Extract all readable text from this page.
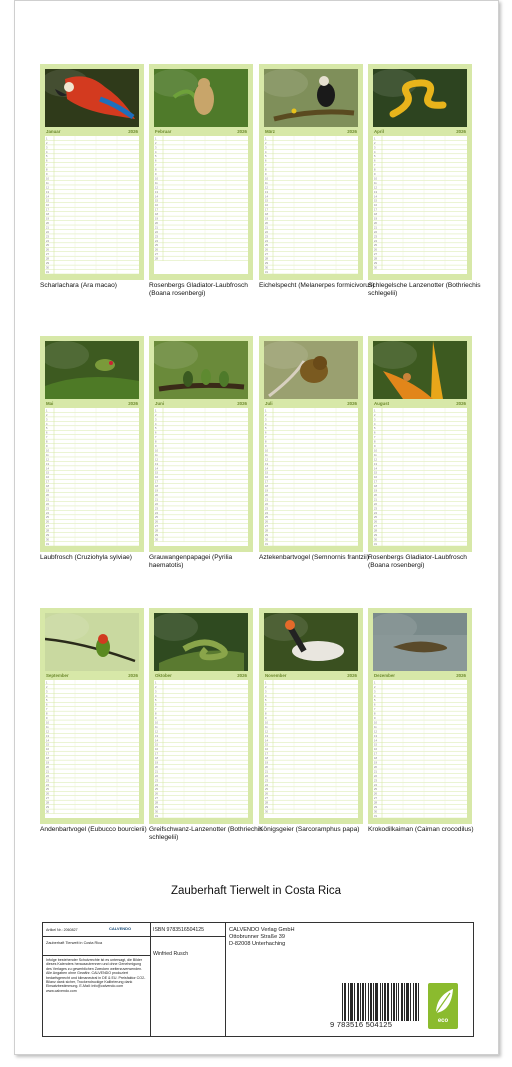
Januar	2026
1
2
3
4
5
6
7
8
9
10
11
12
13
14
15
16
17
18
19
20
21
22
23
24
25
26
27
28
29
30
31
Scharlachara (Ara macao)
Februar	2026
1
2
3
4
5
6
7
8
9
10
11
12
13
14
15
16
17
18
19
20
21
22
23
24
25
26
27
28
Rosenbergs Gladiator-Laubfrosch (Boana rosenbergi)
März	2026
1
2
3
4
5
6
7
8
9
10
11
12
13
14
15
16
17
18
19
20
21
22
23
24
25
26
27
28
29
30
31
Eichelspecht (Melanerpes formicivorus)
April	2026
1
2
3
4
5
6
7
8
9
10
11
12
13
14
15
16
17
18
19
20
21
22
23
24
25
26
27
28
29
30
Schlegelsche Lanzenotter (Bothriechis schlegelii)
Mai	2026
1
2
3
4
5
6
7
8
9
10
11
12
13
14
15
16
17
18
19
20
21
22
23
24
25
26
27
28
29
30
31
Laubfrosch (Cruziohyla sylviae)
Juni	2026
1
2
3
4
5
6
7
8
9
10
11
12
13
14
15
16
17
18
19
20
21
22
23
24
25
26
27
28
29
30
Grauwangenpapagei (Pyrilia haematotis)
Juli	2026
1
2
3
4
5
6
7
8
9
10
11
12
13
14
15
16
17
18
19
20
21
22
23
24
25
26
27
28
29
30
31
Aztekenbartvogel (Semnornis frantzii)
August	2026
1
2
3
4
5
6
7
8
9
10
11
12
13
14
15
16
17
18
19
20
21
22
23
24
25
26
27
28
29
30
31
Rosenbergs Gladiator-Laubfrosch (Boana rosenbergi)
September	2026
1
2
3
4
5
6
7
8
9
10
11
12
13
14
15
16
17
18
19
20
21
22
23
24
25
26
27
28
29
30
Andenbartvogel (Eubucco bourcierii)
Oktober	2026
1
2
3
4
5
6
7
8
9
10
11
12
13
14
15
16
17
18
19
20
21
22
23
24
25
26
27
28
29
30
31
Greifschwanz-Lanzenotter (Bothriechis schlegelii)
November	2026
1
2
3
4
5
6
7
8
9
10
11
12
13
14
15
16
17
18
19
20
21
22
23
24
25
26
27
28
29
30
Königsgeier (Sarcoramphus papa)
Dezember	2026
1
2
3
4
5
6
7
8
9
10
11
12
13
14
15
16
17
18
19
20
21
22
23
24
25
26
27
28
29
30
31
Krokodilkaiman (Caiman crocodilus)
Zauberhaft Tierwelt in Costa Rica
Artikel Nr.: 2060827	CALVENDO
Zauberhaft Tierwelt in Costa Rica
Infolge bestehender Schutzrechte ist es untersagt, die Bilder dieses Kalenders herauszutrennen und ohne Genehmigung des Verlages zu gewerblichen Zwecken weiterzuverwenden. Alle Angaben ohne Gewähr. CALVENDO produziert bedarfsgerecht und klimaneutral in DE & EU. Preisfaktor CO2-Bilanz dank sicher, Trockendruckige Kalibrierung dank Einsatzbestimmung. E-Mail: info@calvendo.com www.calvendo.com
ISBN 9783516504125
Winfried Rusch
CALVENDO Verlag GmbH
Ottobrunner Straße 39
D-82008 Unterhaching
9 783516 504125	eco
